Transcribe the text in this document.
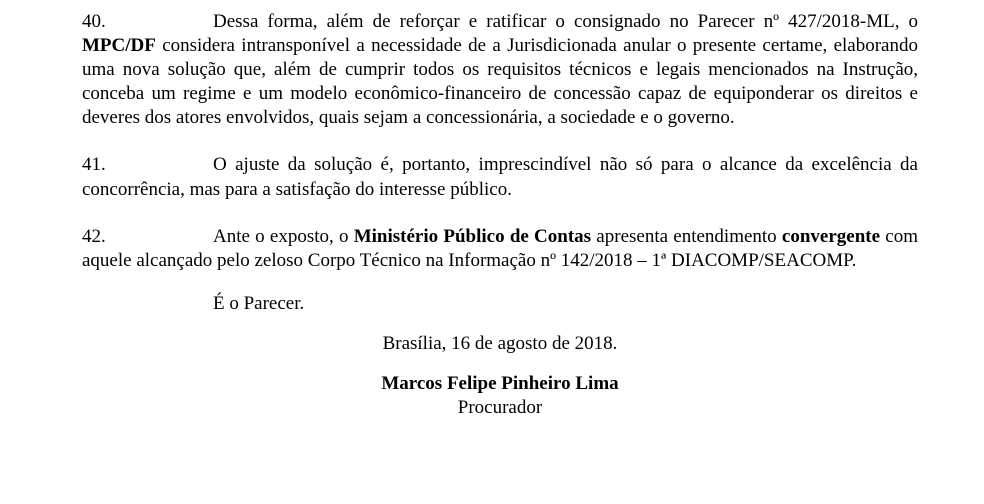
40.	Dessa forma, além de reforçar e ratificar o consignado no Parecer nº 427/2018-ML, o MPC/DF considera intransponível a necessidade de a Jurisdicionada anular o presente certame, elaborando uma nova solução que, além de cumprir todos os requisitos técnicos e legais mencionados na Instrução, conceba um regime e um modelo econômico-financeiro de concessão capaz de equiponderar os direitos e deveres dos atores envolvidos, quais sejam a concessionária, a sociedade e o governo.

41.	O ajuste da solução é, portanto, imprescindível não só para o alcance da excelência da concorrência, mas para a satisfação do interesse público.

42.	Ante o exposto, o Ministério Público de Contas apresenta entendimento convergente com aquele alcançado pelo zeloso Corpo Técnico na Informação nº 142/2018 – 1ª DIACOMP/SEACOMP.

É o Parecer.
Brasília, 16 de agosto de 2018.
Marcos Felipe Pinheiro Lima
Procurador
